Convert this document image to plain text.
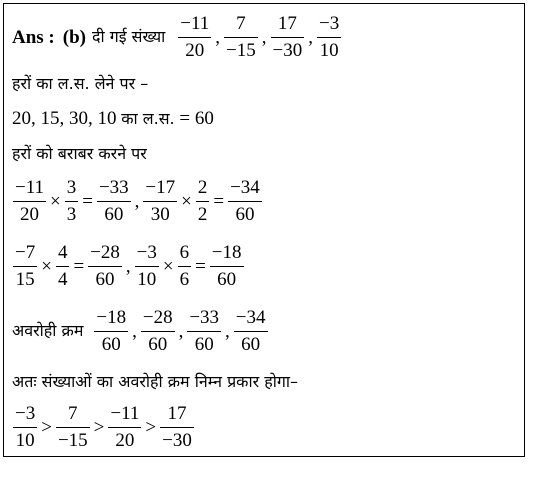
Ans : (b) दी गई संख्या $\frac{-11}{20}$ , $\frac{7}{-15}$ , $\frac{17}{-30}$ , $\frac{-3}{10}$
हरों का ल.स. लेने पर –
20, 15, 30, 10 का ल.स. = 60
हरों को बराबर करने पर
$\frac{-11}{20} \times \frac{3}{3} = \frac{-33}{60}$ , $\frac{-17}{30} \times \frac{2}{2} = \frac{-34}{60}$
$\frac{-7}{15} \times \frac{4}{4} = \frac{-28}{60}$ , $\frac{-3}{10} \times \frac{6}{6} = \frac{-18}{60}$
अवरोही क्रम $\frac{-18}{60}$ , $\frac{-28}{60}$ , $\frac{-33}{60}$ , $\frac{-34}{60}$
अतः संख्याओं का अवरोही क्रम निम्न प्रकार होगा–
$\frac{-3}{10} > \frac{7}{-15} > \frac{-11}{20} > \frac{17}{-30}$
